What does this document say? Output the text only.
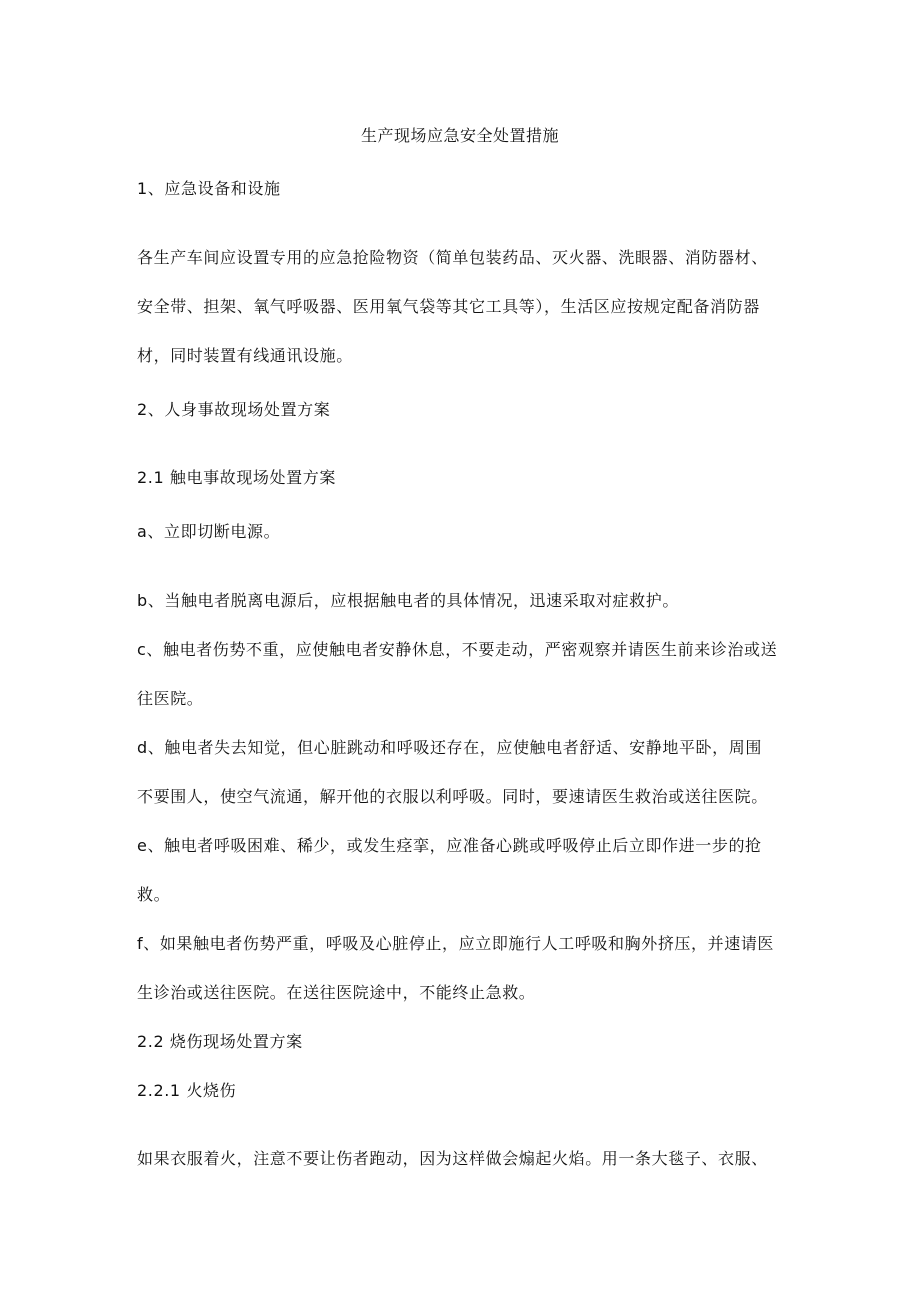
生产现场应急安全处置措施
1、应急设备和设施
各生产车间应设置专用的应急抢险物资（简单包装药品、灭火器、洗眼器、消防器材、
安全带、担架、氧气呼吸器、医用氧气袋等其它工具等），生活区应按规定配备消防器
材，同时装置有线通讯设施。
2、人身事故现场处置方案
2.1 触电事故现场处置方案
a、立即切断电源。
b、当触电者脱离电源后，应根据触电者的具体情况，迅速采取对症救护。
c、触电者伤势不重，应使触电者安静休息，不要走动，严密观察并请医生前来诊治或送
往医院。
d、触电者失去知觉，但心脏跳动和呼吸还存在，应使触电者舒适、安静地平卧，周围
不要围人，使空气流通，解开他的衣服以利呼吸。同时，要速请医生救治或送往医院。
e、触电者呼吸困难、稀少，或发生痉挛，应准备心跳或呼吸停止后立即作进一步的抢
救。
f、如果触电者伤势严重，呼吸及心脏停止，应立即施行人工呼吸和胸外挤压，并速请医
生诊治或送往医院。在送往医院途中，不能终止急救。
2.2 烧伤现场处置方案
2.2.1 火烧伤
如果衣服着火，注意不要让伤者跑动，因为这样做会煽起火焰。用一条大毯子、衣服、
